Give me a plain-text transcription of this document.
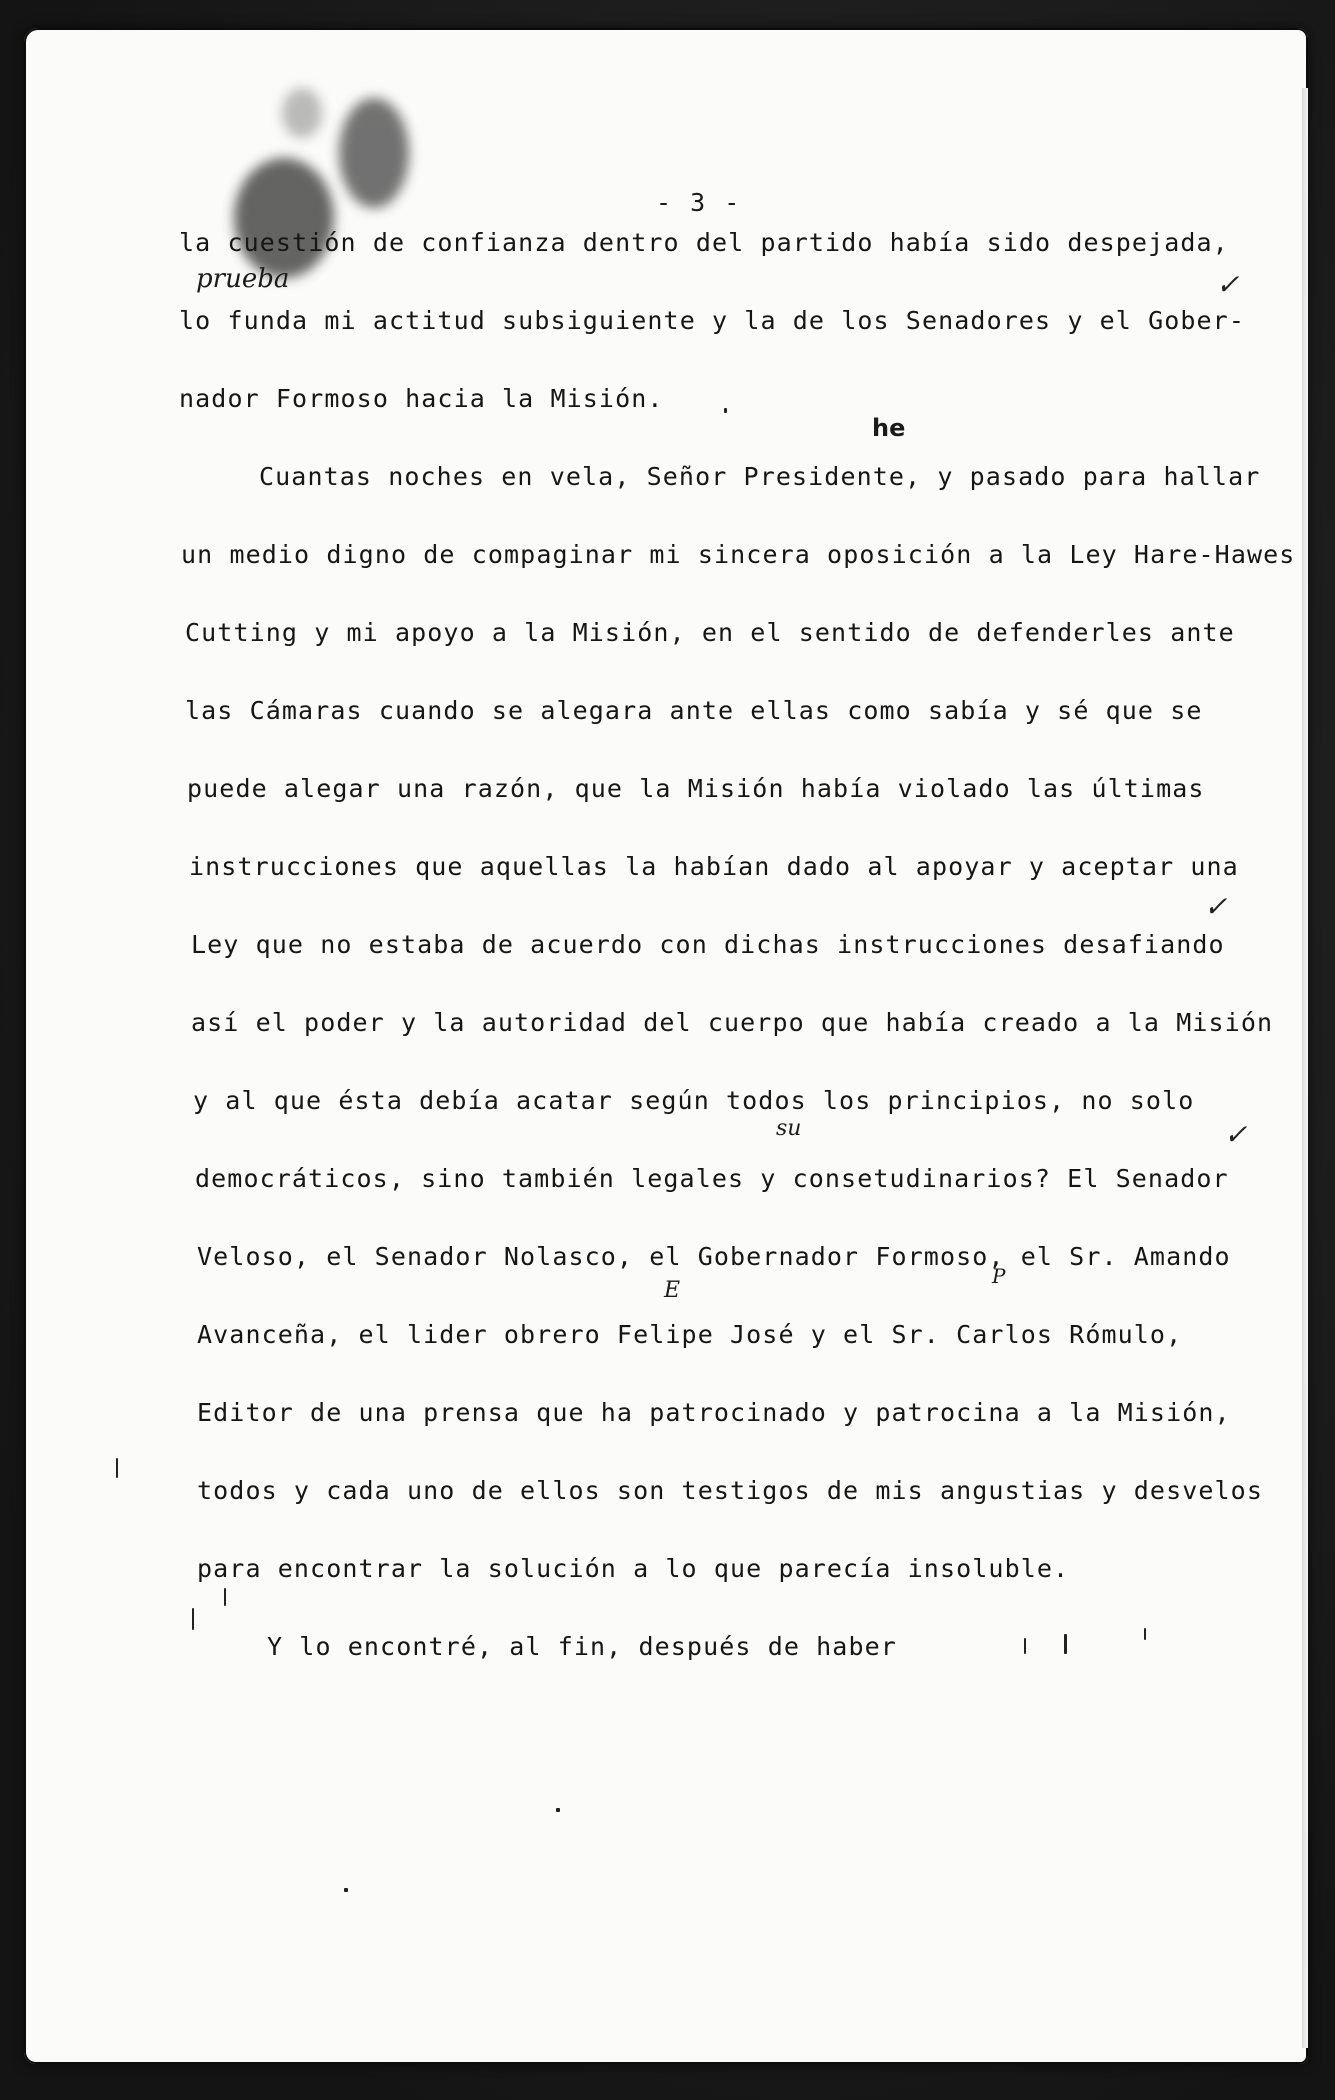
- 3 -
la cuestión de confianza dentro del partido había sido despejada,
lo funda mi actitud subsiguiente y la de los Senadores y el Gober-
nador Formoso hacia la Misión.
Cuantas noches en vela, Señor Presidente, y pasado para hallar
un medio digno de compaginar mi sincera oposición a la Ley Hare-Hawes
Cutting y mi apoyo a la Misión, en el sentido de defenderles ante
las Cámaras cuando se alegara ante ellas como sabía y sé que se
puede alegar una razón, que la Misión había violado las últimas
instrucciones que aquellas la habían dado al apoyar y aceptar una
Ley que no estaba de acuerdo con dichas instrucciones desafiando
así el poder y la autoridad del cuerpo que había creado a la Misión
y al que ésta debía acatar según todos los principios, no solo
democráticos, sino también legales y consetudinarios? El Senador
Veloso, el Senador Nolasco, el Gobernador Formoso, el Sr. Amando
Avanceña, el lider obrero Felipe José y el Sr. Carlos Rómulo,
Editor de una prensa que ha patrocinado y patrocina a la Misión,
todos y cada uno de ellos son testigos de mis angustias y desvelos
para encontrar la solución a lo que parecía insoluble.
Y lo encontré, al fin, después de haber
prueba
he
su
E
P
✓
✓
✓
